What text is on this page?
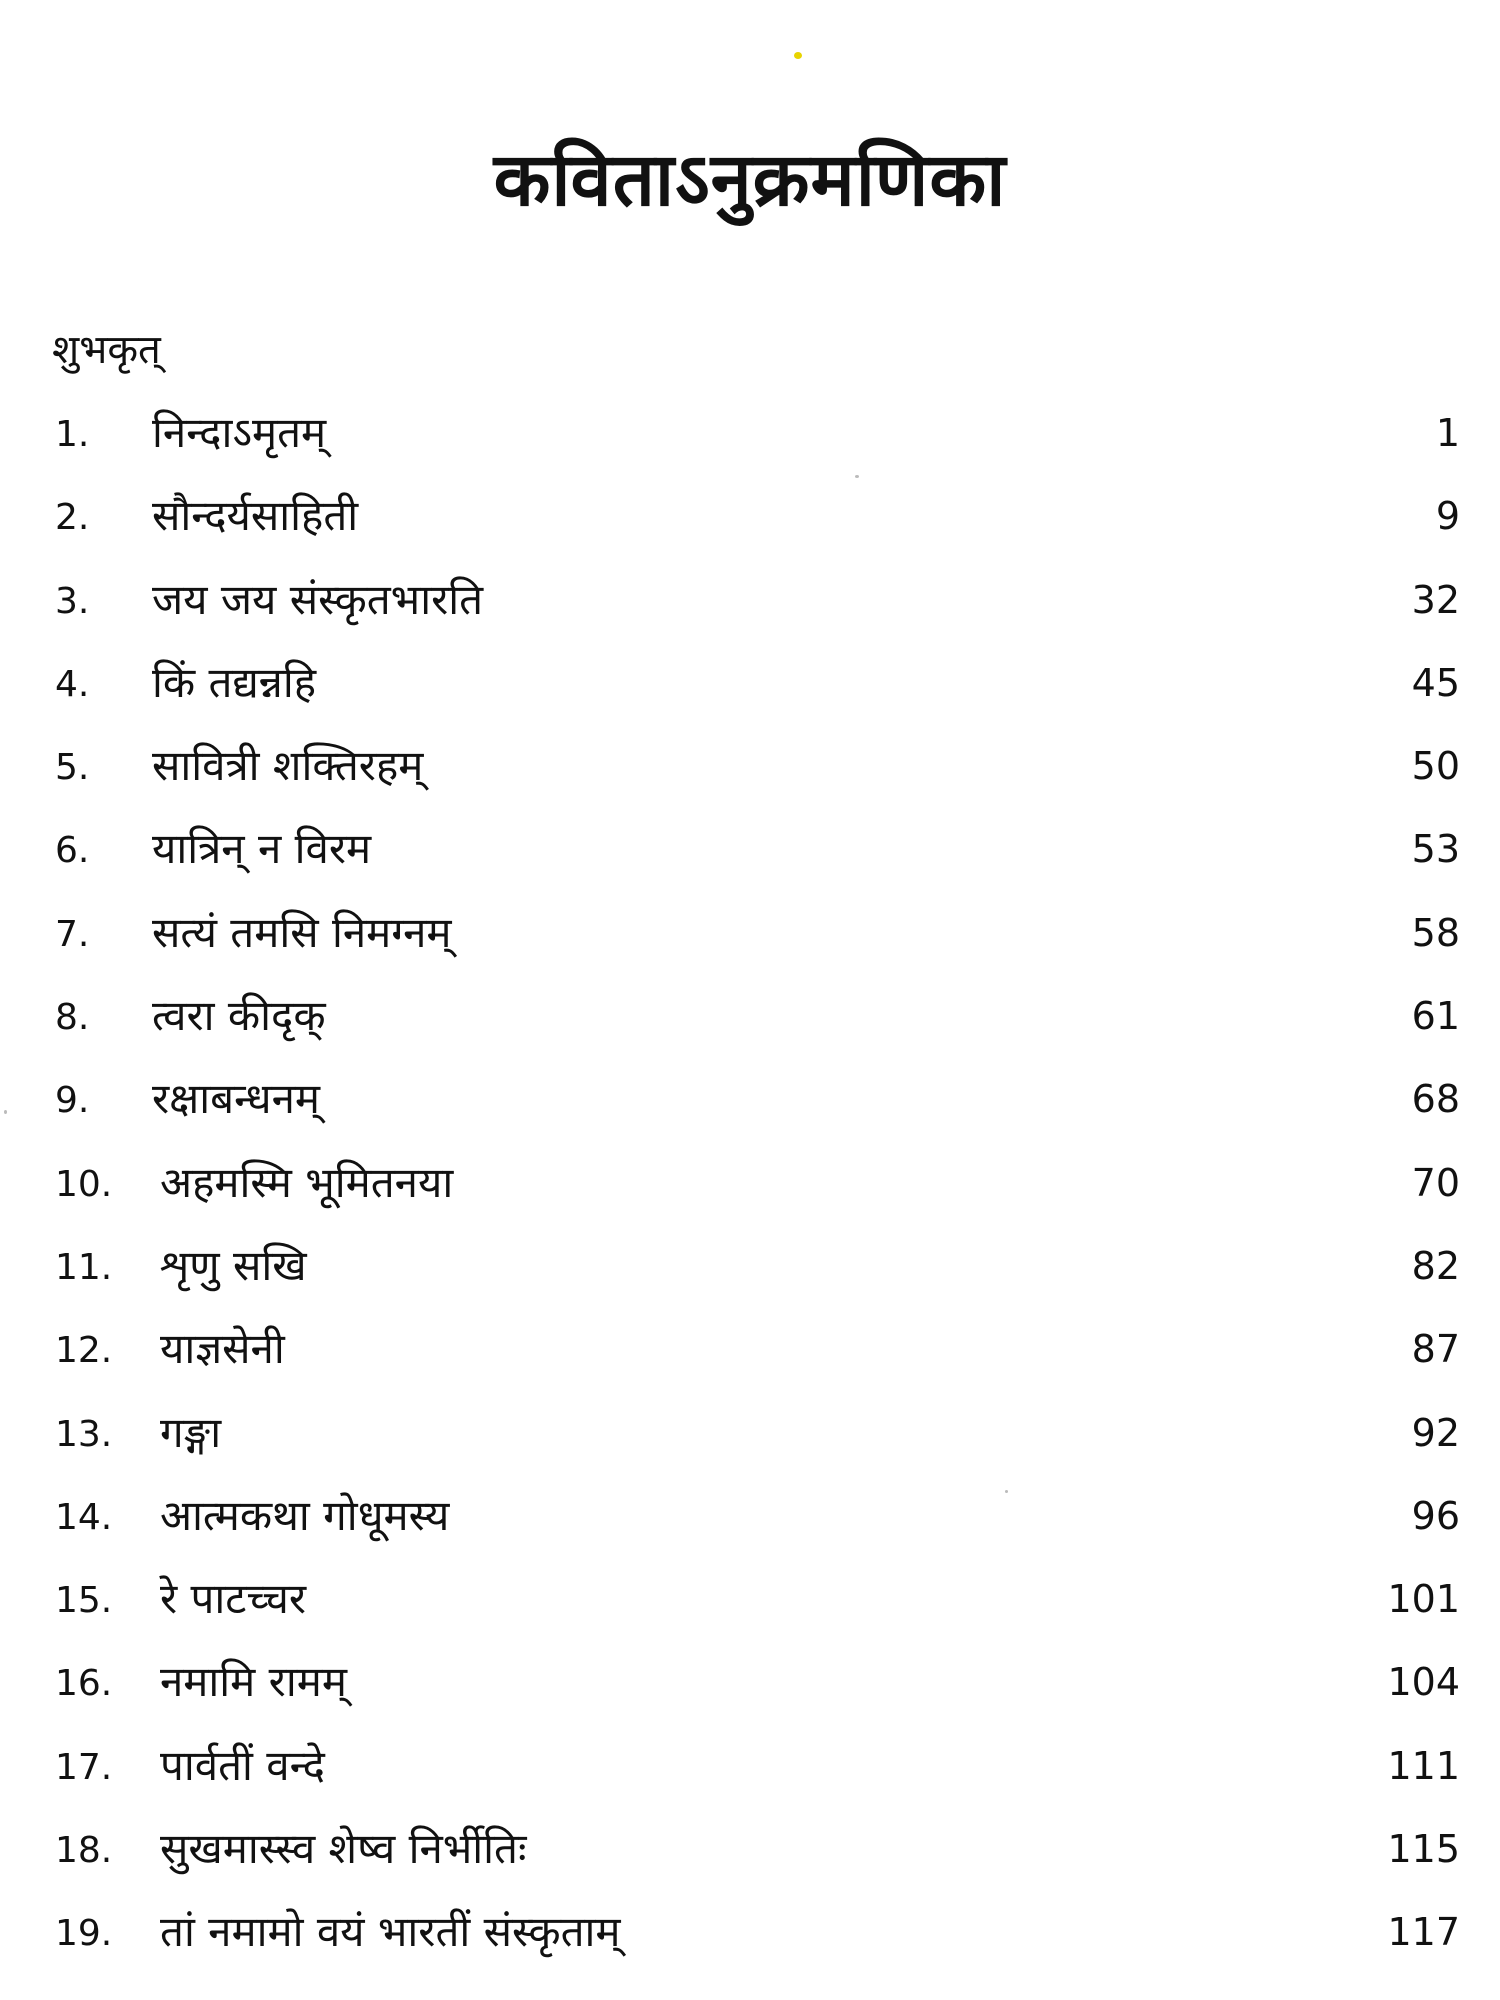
कविताऽनुक्रमणिका
शुभकृत्
1. निन्दाऽमृतम्	1
2. सौन्दर्यसाहिती	9
3. जय जय संस्कृतभारति	32
4. किं तद्यन्नहि	45
5. सावित्री शक्तिरहम्	50
6. यात्रिन् न विरम	53
7. सत्यं तमसि निमग्नम्	58
8. त्वरा कीदृक्	61
9. रक्षाबन्धनम्	68
10. अहमस्मि भूमितनया	70
11. शृणु सखि	82
12. याज्ञसेनी	87
13. गङ्गा	92
14. आत्मकथा गोधूमस्य	96
15. रे पाटच्चर	101
16. नमामि रामम्	104
17. पार्वतीं वन्दे	111
18. सुखमास्स्व शेष्व निर्भीतिः	115
19. तां नमामो वयं भारतीं संस्कृताम्	117
